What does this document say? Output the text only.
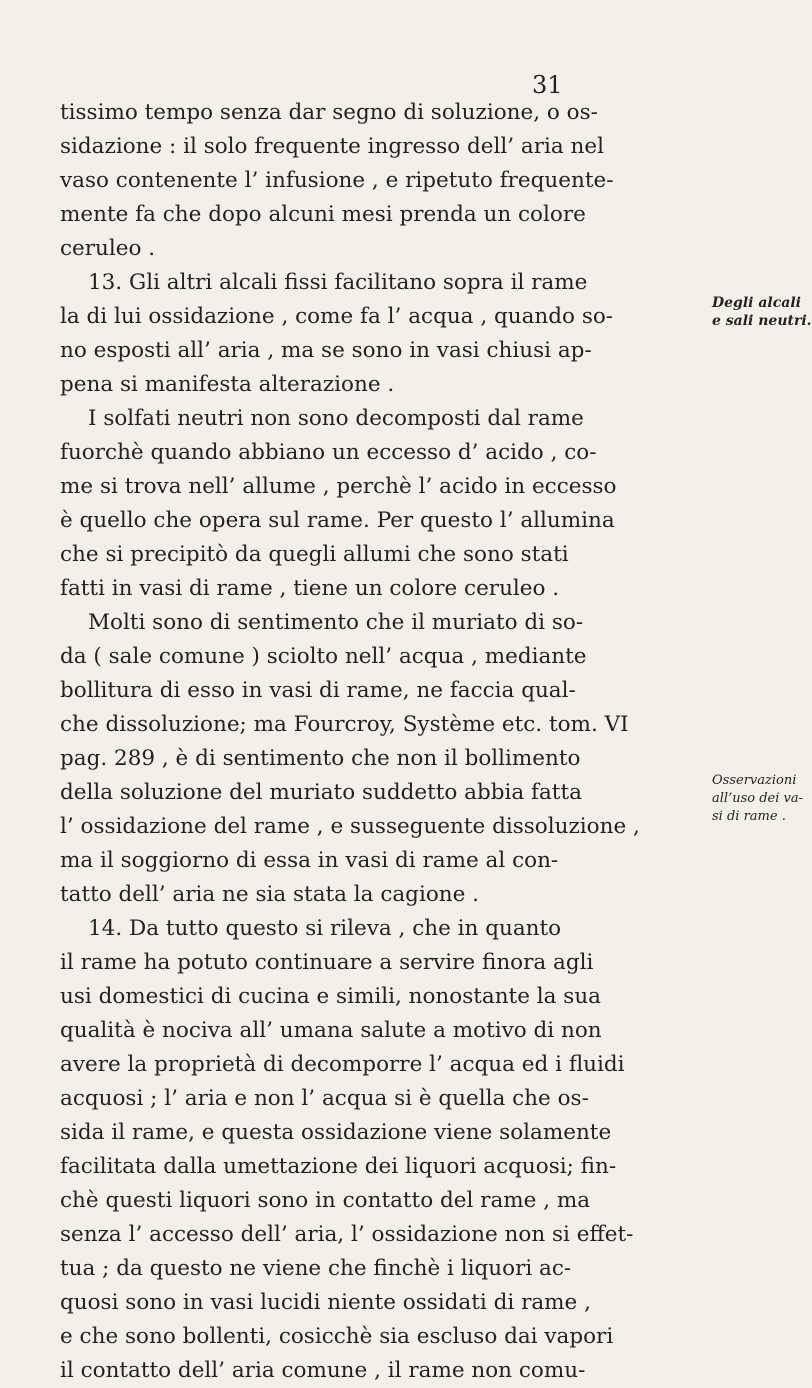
31
tissimo tempo senza dar segno di soluzione, o os-
sidazione : il solo frequente ingresso dell’ aria nel
vaso contenente l’ infusione , e ripetuto frequente-
mente fa che dopo alcuni mesi prenda un colore
ceruleo .
13. Gli altri alcali fissi facilitano sopra il rame
la di lui ossidazione , come fa l’ acqua , quando so-
no esposti all’ aria , ma se sono in vasi chiusi ap-
pena si manifesta alterazione .
I solfati neutri non sono decomposti dal rame
fuorchè quando abbiano un eccesso d’ acido , co-
me si trova nell’ allume , perchè l’ acido in eccesso
è quello che opera sul rame. Per questo l’ allumina
che si precipitò da quegli allumi che sono stati
fatti in vasi di rame , tiene un colore ceruleo .
Molti sono di sentimento che il muriato di so-
da ( sale comune ) sciolto nell’ acqua , mediante
bollitura di esso in vasi di rame, ne faccia qual-
che dissoluzione; ma Fourcroy, Système etc. tom. VI
pag. 289 , è di sentimento che non il bollimento
della soluzione del muriato suddetto abbia fatta
l’ ossidazione del rame , e susseguente dissoluzione ,
ma il soggiorno di essa in vasi di rame al con-
tatto dell’ aria ne sia stata la cagione .
14. Da tutto questo si rileva , che in quanto
il rame ha potuto continuare a servire finora agli
usi domestici di cucina e simili, nonostante la sua
qualità è nociva all’ umana salute a motivo di non
avere la proprietà di decomporre l’ acqua ed i fluidi
acquosi ; l’ aria e non l’ acqua si è quella che os-
sida il rame, e questa ossidazione viene solamente
facilitata dalla umettazione dei liquori acquosi; fin-
chè questi liquori sono in contatto del rame , ma
senza l’ accesso dell’ aria, l’ ossidazione non si effet-
tua ; da questo ne viene che finchè i liquori ac-
quosi sono in vasi lucidi niente ossidati di rame ,
e che sono bollenti, cosicchè sia escluso dai vapori
il contatto dell’ aria comune , il rame non comu-
Degli alcali
e sali neutri.
Osservazioni
all’uso dei va-
si di rame .
